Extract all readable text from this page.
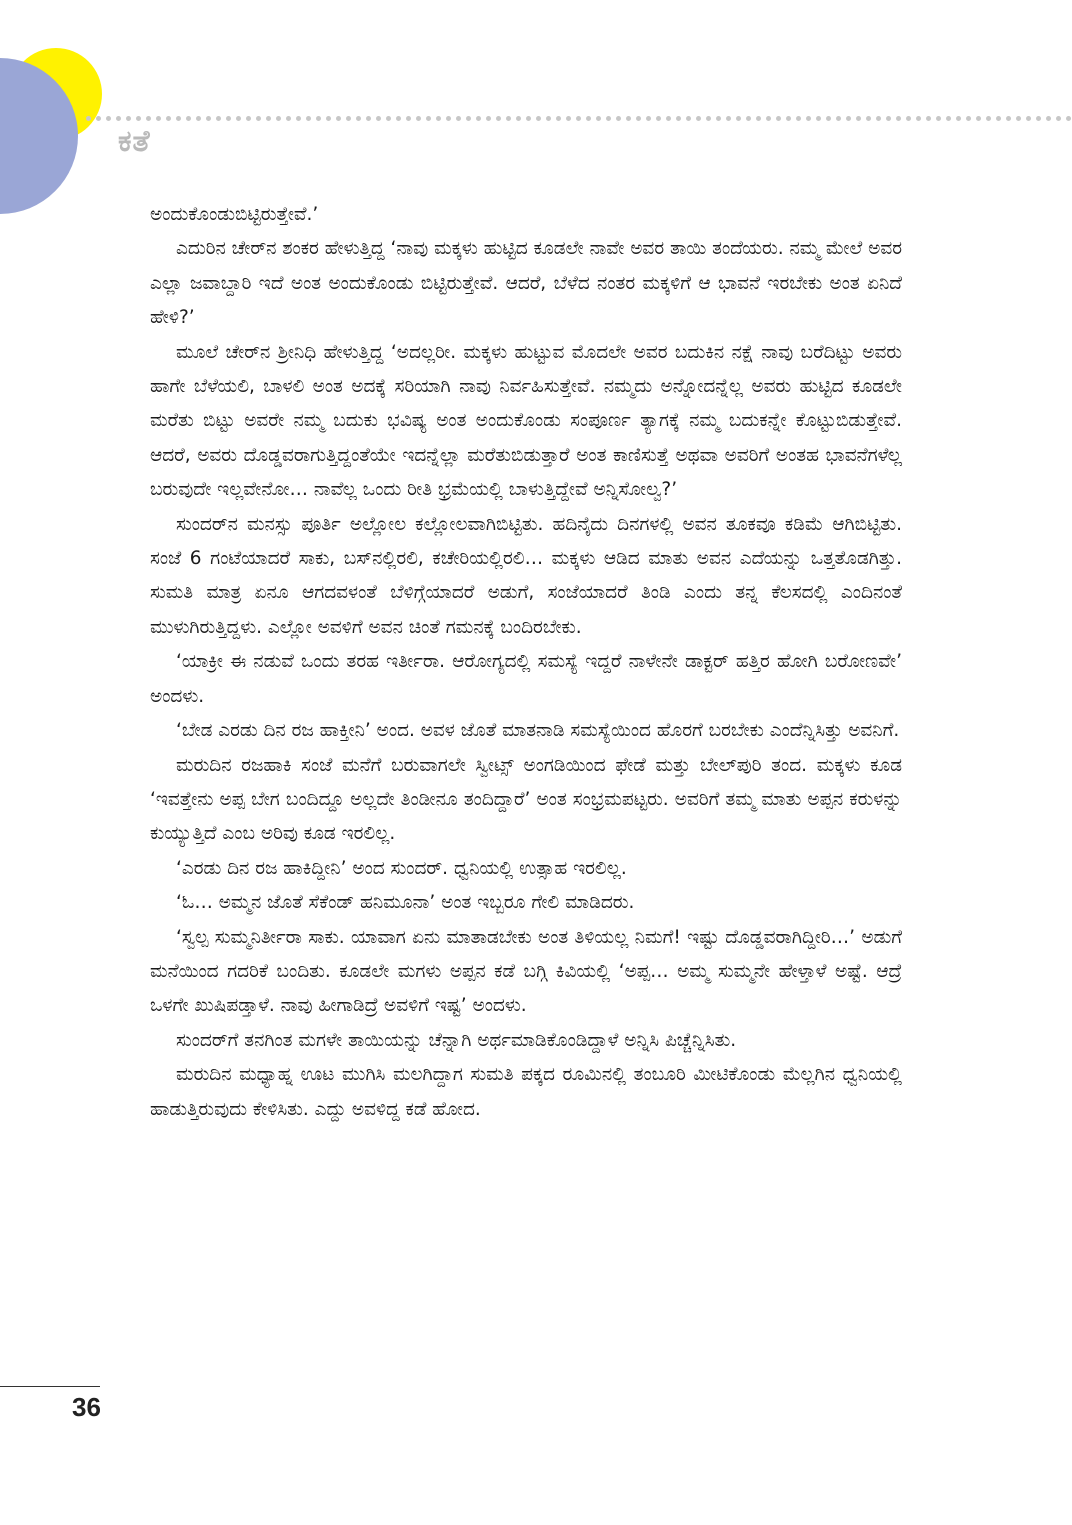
ಕತೆ

ಅಂದುಕೊಂಡುಬಿಟ್ಟಿರುತ್ತೇವೆ.’

ಎದುರಿನ ಚೇರ್‌ನ ಶಂಕರ ಹೇಳುತ್ತಿದ್ದ ‘ನಾವು ಮಕ್ಕಳು ಹುಟ್ಟಿದ ಕೂಡಲೇ ನಾವೇ ಅವರ ತಾಯಿ ತಂದೆಯರು. ನಮ್ಮ ಮೇಲೆ ಅವರ ಎಲ್ಲಾ ಜವಾಬ್ದಾರಿ ಇದೆ ಅಂತ ಅಂದುಕೊಂಡು ಬಿಟ್ಟಿರುತ್ತೇವೆ. ಆದರೆ, ಬೆಳೆದ ನಂತರ ಮಕ್ಕಳಿಗೆ ಆ ಭಾವನೆ ಇರಬೇಕು ಅಂತ ಏನಿದೆ ಹೇಳಿ?’

ಮೂಲೆ ಚೇರ್‌ನ ಶ್ರೀನಿಧಿ ಹೇಳುತ್ತಿದ್ದ ‘ಅದಲ್ಲರೀ. ಮಕ್ಕಳು ಹುಟ್ಟುವ ಮೊದಲೇ ಅವರ ಬದುಕಿನ ನಕ್ಷೆ ನಾವು ಬರೆದಿಟ್ಟು ಅವರು ಹಾಗೇ ಬೆಳೆಯಲಿ, ಬಾಳಲಿ ಅಂತ ಅದಕ್ಕೆ ಸರಿಯಾಗಿ ನಾವು ನಿರ್ವಹಿಸುತ್ತೇವೆ. ನಮ್ಮದು ಅನ್ನೋದನ್ನೆಲ್ಲ ಅವರು ಹುಟ್ಟಿದ ಕೂಡಲೇ ಮರೆತು ಬಿಟ್ಟು ಅವರೇ ನಮ್ಮ ಬದುಕು ಭವಿಷ್ಯ ಅಂತ ಅಂದುಕೊಂಡು ಸಂಪೂರ್ಣ ತ್ಯಾಗಕ್ಕೆ ನಮ್ಮ ಬದುಕನ್ನೇ ಕೊಟ್ಟುಬಿಡುತ್ತೇವೆ. ಆದರೆ, ಅವರು ದೊಡ್ಡವರಾಗುತ್ತಿದ್ದಂತೆಯೇ ಇದನ್ನೆಲ್ಲಾ ಮರೆತುಬಿಡುತ್ತಾರೆ ಅಂತ ಕಾಣಿಸುತ್ತೆ ಅಥವಾ ಅವರಿಗೆ ಅಂತಹ ಭಾವನೆಗಳೆಲ್ಲ ಬರುವುದೇ ಇಲ್ಲವೇನೋ… ನಾವೆಲ್ಲ ಒಂದು ರೀತಿ ಭ್ರಮೆಯಲ್ಲಿ ಬಾಳುತ್ತಿದ್ದೇವೆ ಅನ್ನಿಸೋಲ್ವ?’

ಸುಂದರ್‌ನ ಮನಸ್ಸು ಪೂರ್ತಿ ಅಲ್ಲೋಲ ಕಲ್ಲೋಲವಾಗಿಬಿಟ್ಟಿತು. ಹದಿನೈದು ದಿನಗಳಲ್ಲಿ ಅವನ ತೂಕವೂ ಕಡಿಮೆ ಆಗಿಬಿಟ್ಟಿತು. ಸಂಜೆ 6 ಗಂಟೆಯಾದರೆ ಸಾಕು, ಬಸ್‌ನಲ್ಲಿರಲಿ, ಕಚೇರಿಯಲ್ಲಿರಲಿ… ಮಕ್ಕಳು ಆಡಿದ ಮಾತು ಅವನ ಎದೆಯನ್ನು ಒತ್ತತೊಡಗಿತ್ತು. ಸುಮತಿ ಮಾತ್ರ ಏನೂ ಆಗದವಳಂತೆ ಬೆಳಿಗ್ಗೆಯಾದರೆ ಅಡುಗೆ, ಸಂಜೆಯಾದರೆ ತಿಂಡಿ ಎಂದು ತನ್ನ ಕೆಲಸದಲ್ಲಿ ಎಂದಿನಂತೆ ಮುಳುಗಿರುತ್ತಿದ್ದಳು. ಎಲ್ಲೋ ಅವಳಿಗೆ ಅವನ ಚಿಂತೆ ಗಮನಕ್ಕೆ ಬಂದಿರಬೇಕು.

‘ಯಾಕ್ರೀ ಈ ನಡುವೆ ಒಂದು ತರಹ ಇರ್ತೀರಾ. ಆರೋಗ್ಯದಲ್ಲಿ ಸಮಸ್ಯೆ ಇದ್ದರೆ ನಾಳೇನೇ ಡಾಕ್ಟರ್ ಹತ್ತಿರ ಹೋಗಿ ಬರೋಣವೇ’ ಅಂದಳು.

‘ಬೇಡ ಎರಡು ದಿನ ರಜ ಹಾಕ್ತೀನಿ’ ಅಂದ. ಅವಳ ಜೊತೆ ಮಾತನಾಡಿ ಸಮಸ್ಯೆಯಿಂದ ಹೊರಗೆ ಬರಬೇಕು ಎಂದೆನ್ನಿಸಿತ್ತು ಅವನಿಗೆ.

ಮರುದಿನ ರಜಹಾಕಿ ಸಂಜೆ ಮನೆಗೆ ಬರುವಾಗಲೇ ಸ್ವೀಟ್ಸ್ ಅಂಗಡಿಯಿಂದ ಫೇಡೆ ಮತ್ತು ಬೇಲ್‌ಪುರಿ ತಂದ. ಮಕ್ಕಳು ಕೂಡ ‘ಇವತ್ತೇನು ಅಪ್ಪ ಬೇಗ ಬಂದಿದ್ದೂ ಅಲ್ಲದೇ ತಿಂಡೀನೂ ತಂದಿದ್ದಾರೆ’ ಅಂತ ಸಂಭ್ರಮಪಟ್ಟರು. ಅವರಿಗೆ ತಮ್ಮ ಮಾತು ಅಪ್ಪನ ಕರುಳನ್ನು ಕುಯ್ಯುತ್ತಿದೆ ಎಂಬ ಅರಿವು ಕೂಡ ಇರಲಿಲ್ಲ.

‘ಎರಡು ದಿನ ರಜ ಹಾಕಿದ್ದೀನಿ’ ಅಂದ ಸುಂದರ್. ಧ್ವನಿಯಲ್ಲಿ ಉತ್ಸಾಹ ಇರಲಿಲ್ಲ.

‘ಓ… ಅಮ್ಮನ ಜೊತೆ ಸೆಕೆಂಡ್ ಹನಿಮೂನಾ’ ಅಂತ ಇಬ್ಬರೂ ಗೇಲಿ ಮಾಡಿದರು.

‘ಸ್ವಲ್ಪ ಸುಮ್ಮನಿರ್ತೀರಾ ಸಾಕು. ಯಾವಾಗ ಏನು ಮಾತಾಡಬೇಕು ಅಂತ ತಿಳಿಯಲ್ಲ ನಿಮಗೆ! ಇಷ್ಟು ದೊಡ್ಡವರಾಗಿದ್ದೀರಿ…’ ಅಡುಗೆ ಮನೆಯಿಂದ ಗದರಿಕೆ ಬಂದಿತು. ಕೂಡಲೇ ಮಗಳು ಅಪ್ಪನ ಕಡೆ ಬಗ್ಗಿ ಕಿವಿಯಲ್ಲಿ ‘ಅಪ್ಪ… ಅಮ್ಮ ಸುಮ್ಮನೇ ಹೇಳ್ತಾಳೆ ಅಷ್ಟೆ. ಆದ್ರೆ ಒಳಗೇ ಖುಷಿಪಡ್ತಾಳೆ. ನಾವು ಹೀಗಾಡಿದ್ರೆ ಅವಳಿಗೆ ಇಷ್ಟ’ ಅಂದಳು.

ಸುಂದರ್‌ಗೆ ತನಗಿಂತ ಮಗಳೇ ತಾಯಿಯನ್ನು ಚೆನ್ನಾಗಿ ಅರ್ಥಮಾಡಿಕೊಂಡಿದ್ದಾಳೆ ಅನ್ನಿಸಿ ಪಿಚ್ಚೆನ್ನಿಸಿತು.

ಮರುದಿನ ಮಧ್ಯಾಹ್ನ ಊಟ ಮುಗಿಸಿ ಮಲಗಿದ್ದಾಗ ಸುಮತಿ ಪಕ್ಕದ ರೂಮಿನಲ್ಲಿ ತಂಬೂರಿ ಮೀಟಿಕೊಂಡು ಮೆಲ್ಲಗಿನ ಧ್ವನಿಯಲ್ಲಿ ಹಾಡುತ್ತಿರುವುದು ಕೇಳಿಸಿತು. ಎದ್ದು ಅವಳಿದ್ದ ಕಡೆ ಹೋದ.

36
